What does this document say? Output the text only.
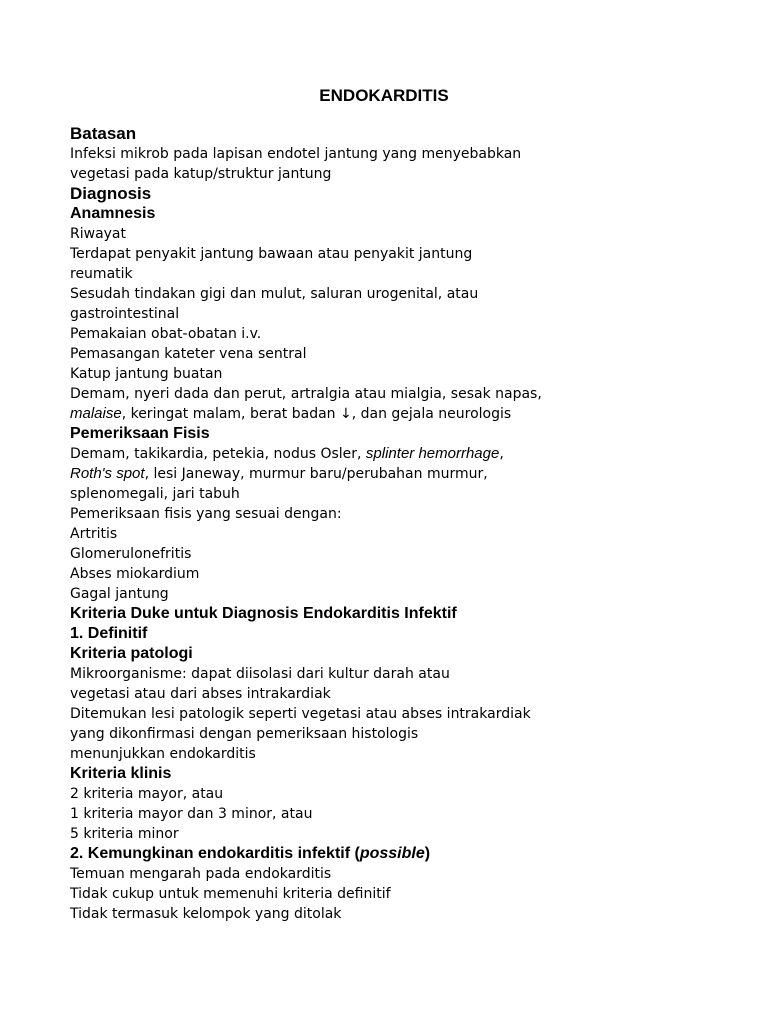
ENDOKARDITIS
Batasan
Infeksi mikrob pada lapisan endotel jantung yang menyebabkan
vegetasi pada katup/struktur jantung
Diagnosis
Anamnesis
Riwayat
Terdapat penyakit jantung bawaan atau penyakit jantung
reumatik
Sesudah tindakan gigi dan mulut, saluran urogenital, atau
gastrointestinal
Pemakaian obat-obatan i.v.
Pemasangan kateter vena sentral
Katup jantung buatan
Demam, nyeri dada dan perut, artralgia atau mialgia, sesak napas,
malaise, keringat malam, berat badan ↓, dan gejala neurologis
Pemeriksaan Fisis
Demam, takikardia, petekia, nodus Osler, splinter hemorrhage,
Roth's spot, lesi Janeway, murmur baru/perubahan murmur,
splenomegali, jari tabuh
Pemeriksaan fisis yang sesuai dengan:
Artritis
Glomerulonefritis
Abses miokardium
Gagal jantung
Kriteria Duke untuk Diagnosis Endokarditis Infektif
1. Definitif
Kriteria patologi
Mikroorganisme: dapat diisolasi dari kultur darah atau
vegetasi atau dari abses intrakardiak
Ditemukan lesi patologik seperti vegetasi atau abses intrakardiak
yang dikonfirmasi dengan pemeriksaan histologis
menunjukkan endokarditis
Kriteria klinis
2 kriteria mayor, atau
1 kriteria mayor dan 3 minor, atau
5 kriteria minor
2. Kemungkinan endokarditis infektif (possible)
Temuan mengarah pada endokarditis
Tidak cukup untuk memenuhi kriteria definitif
Tidak termasuk kelompok yang ditolak
